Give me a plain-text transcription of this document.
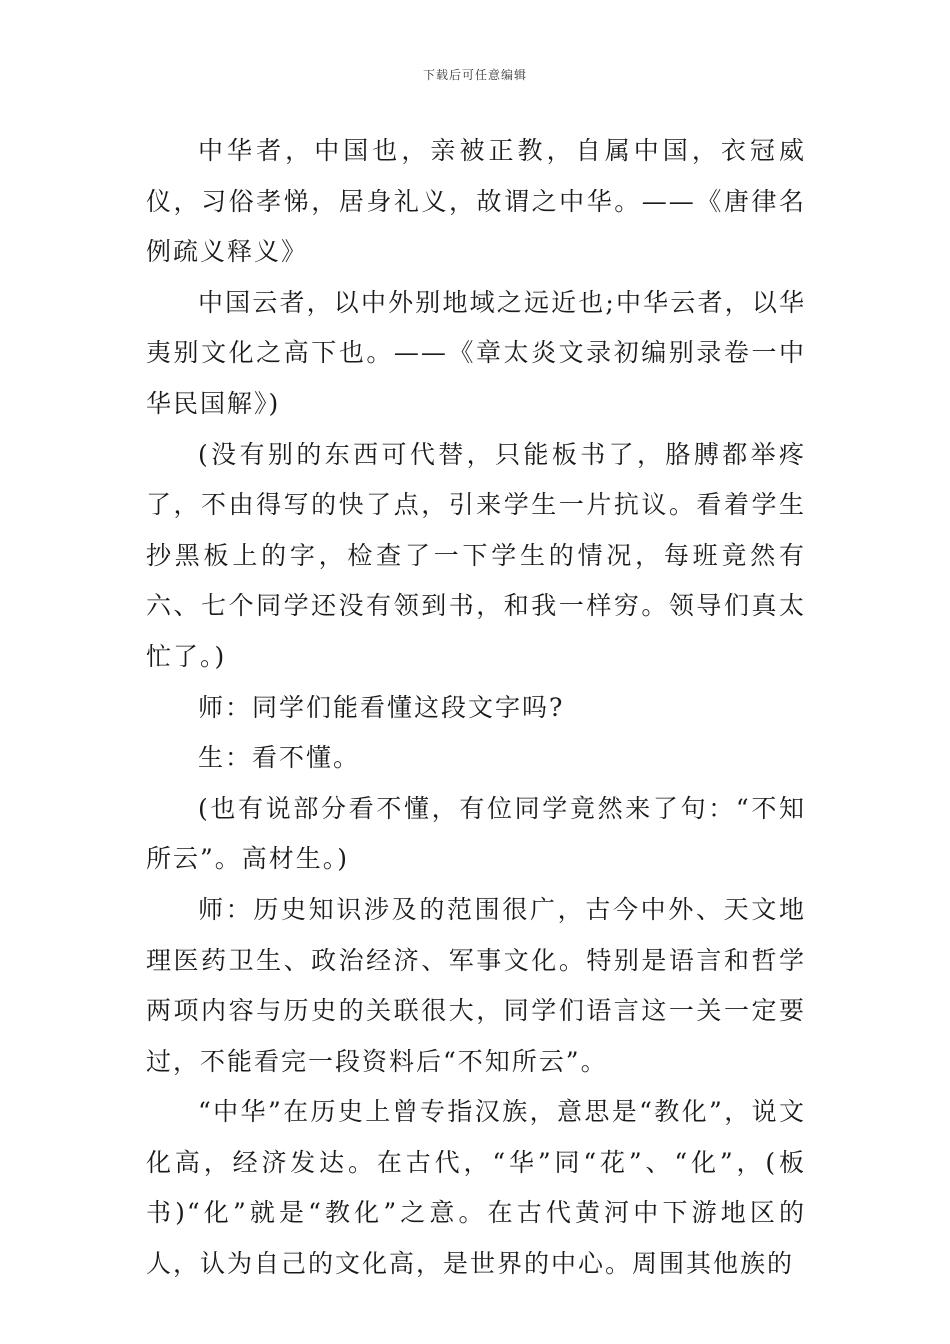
下载后可任意编辑

中华者，中国也，亲被正教，自属中国，衣冠威仪，习俗孝悌，居身礼义，故谓之中华。——《唐律名例疏义释义》

中国云者，以中外别地域之远近也;中华云者，以华夷别文化之高下也。——《章太炎文录初编别录卷一中华民国解》)

(没有别的东西可代替，只能板书了，胳膊都举疼了，不由得写的快了点，引来学生一片抗议。看着学生抄黑板上的字，检查了一下学生的情况，每班竟然有六、七个同学还没有领到书，和我一样穷。领导们真太忙了。)

师：同学们能看懂这段文字吗?

生：看不懂。

(也有说部分看不懂，有位同学竟然来了句：“不知所云”。高材生。)

师：历史知识涉及的范围很广，古今中外、天文地理医药卫生、政治经济、军事文化。特别是语言和哲学两项内容与历史的关联很大，同学们语言这一关一定要过，不能看完一段资料后“不知所云”。

“中华”在历史上曾专指汉族，意思是“教化”，说文化高，经济发达。在古代，“华”同“花”、“化”，(板书)“化”就是“教化”之意。在古代黄河中下游地区的人，认为自己的文化高，是世界的中心。周围其他族的
